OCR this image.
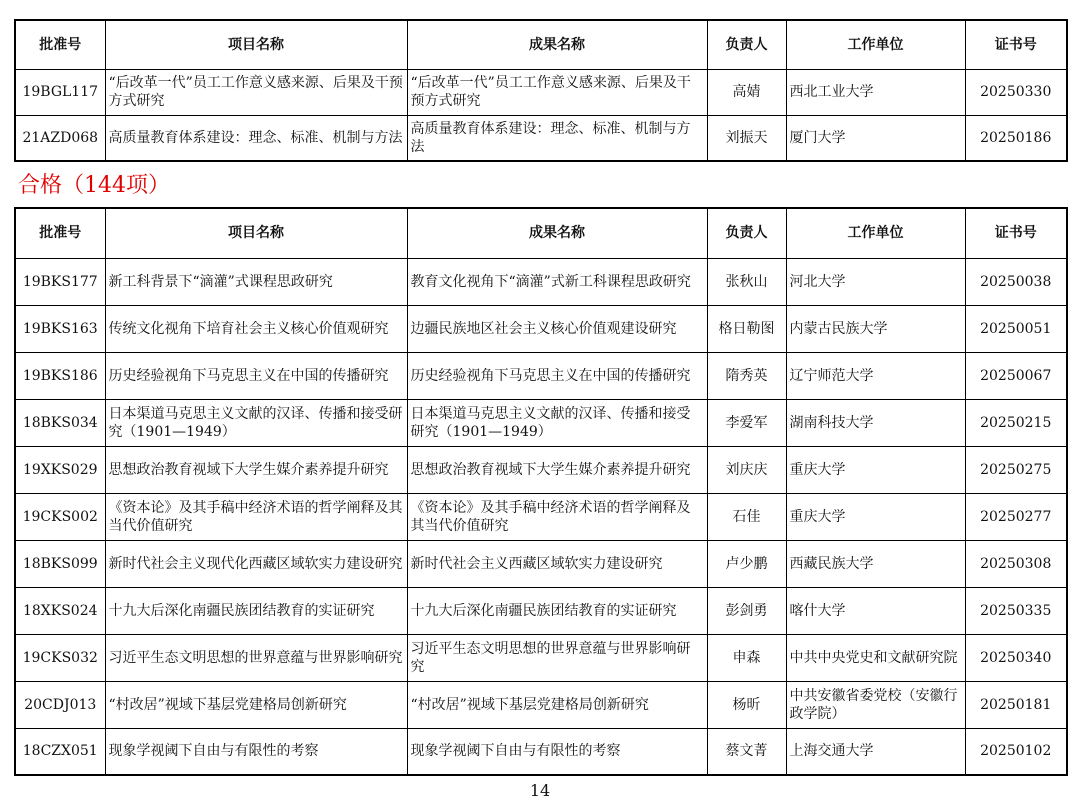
批准号	项目名称	成果名称	负责人	工作单位	证书号
19BGL117	“后改革一代”员工工作意义感来源、后果及干预方式研究	“后改革一代”员工工作意义感来源、后果及干预方式研究	高婧	西北工业大学	20250330
21AZD068	高质量教育体系建设：理念、标准、机制与方法	高质量教育体系建设：理念、标准、机制与方法	刘振天	厦门大学	20250186
合格（144项）
批准号	项目名称	成果名称	负责人	工作单位	证书号
19BKS177	新工科背景下“滴灌”式课程思政研究	教育文化视角下“滴灌”式新工科课程思政研究	张秋山	河北大学	20250038
19BKS163	传统文化视角下培育社会主义核心价值观研究	边疆民族地区社会主义核心价值观建设研究	格日勒图	内蒙古民族大学	20250051
19BKS186	历史经验视角下马克思主义在中国的传播研究	历史经验视角下马克思主义在中国的传播研究	隋秀英	辽宁师范大学	20250067
18BKS034	日本渠道马克思主义文献的汉译、传播和接受研究（1901—1949）	日本渠道马克思主义文献的汉译、传播和接受研究（1901—1949）	李爱军	湖南科技大学	20250215
19XKS029	思想政治教育视域下大学生媒介素养提升研究	思想政治教育视域下大学生媒介素养提升研究	刘庆庆	重庆大学	20250275
19CKS002	《资本论》及其手稿中经济术语的哲学阐释及其当代价值研究	《资本论》及其手稿中经济术语的哲学阐释及其当代价值研究	石佳	重庆大学	20250277
18BKS099	新时代社会主义现代化西藏区域软实力建设研究	新时代社会主义西藏区域软实力建设研究	卢少鹏	西藏民族大学	20250308
18XKS024	十九大后深化南疆民族团结教育的实证研究	十九大后深化南疆民族团结教育的实证研究	彭剑勇	喀什大学	20250335
19CKS032	习近平生态文明思想的世界意蕴与世界影响研究	习近平生态文明思想的世界意蕴与世界影响研究	申森	中共中央党史和文献研究院	20250340
20CDJ013	“村改居”视域下基层党建格局创新研究	“村改居”视域下基层党建格局创新研究	杨昕	中共安徽省委党校（安徽行政学院）	20250181
18CZX051	现象学视阈下自由与有限性的考察	现象学视阈下自由与有限性的考察	蔡文菁	上海交通大学	20250102
14
